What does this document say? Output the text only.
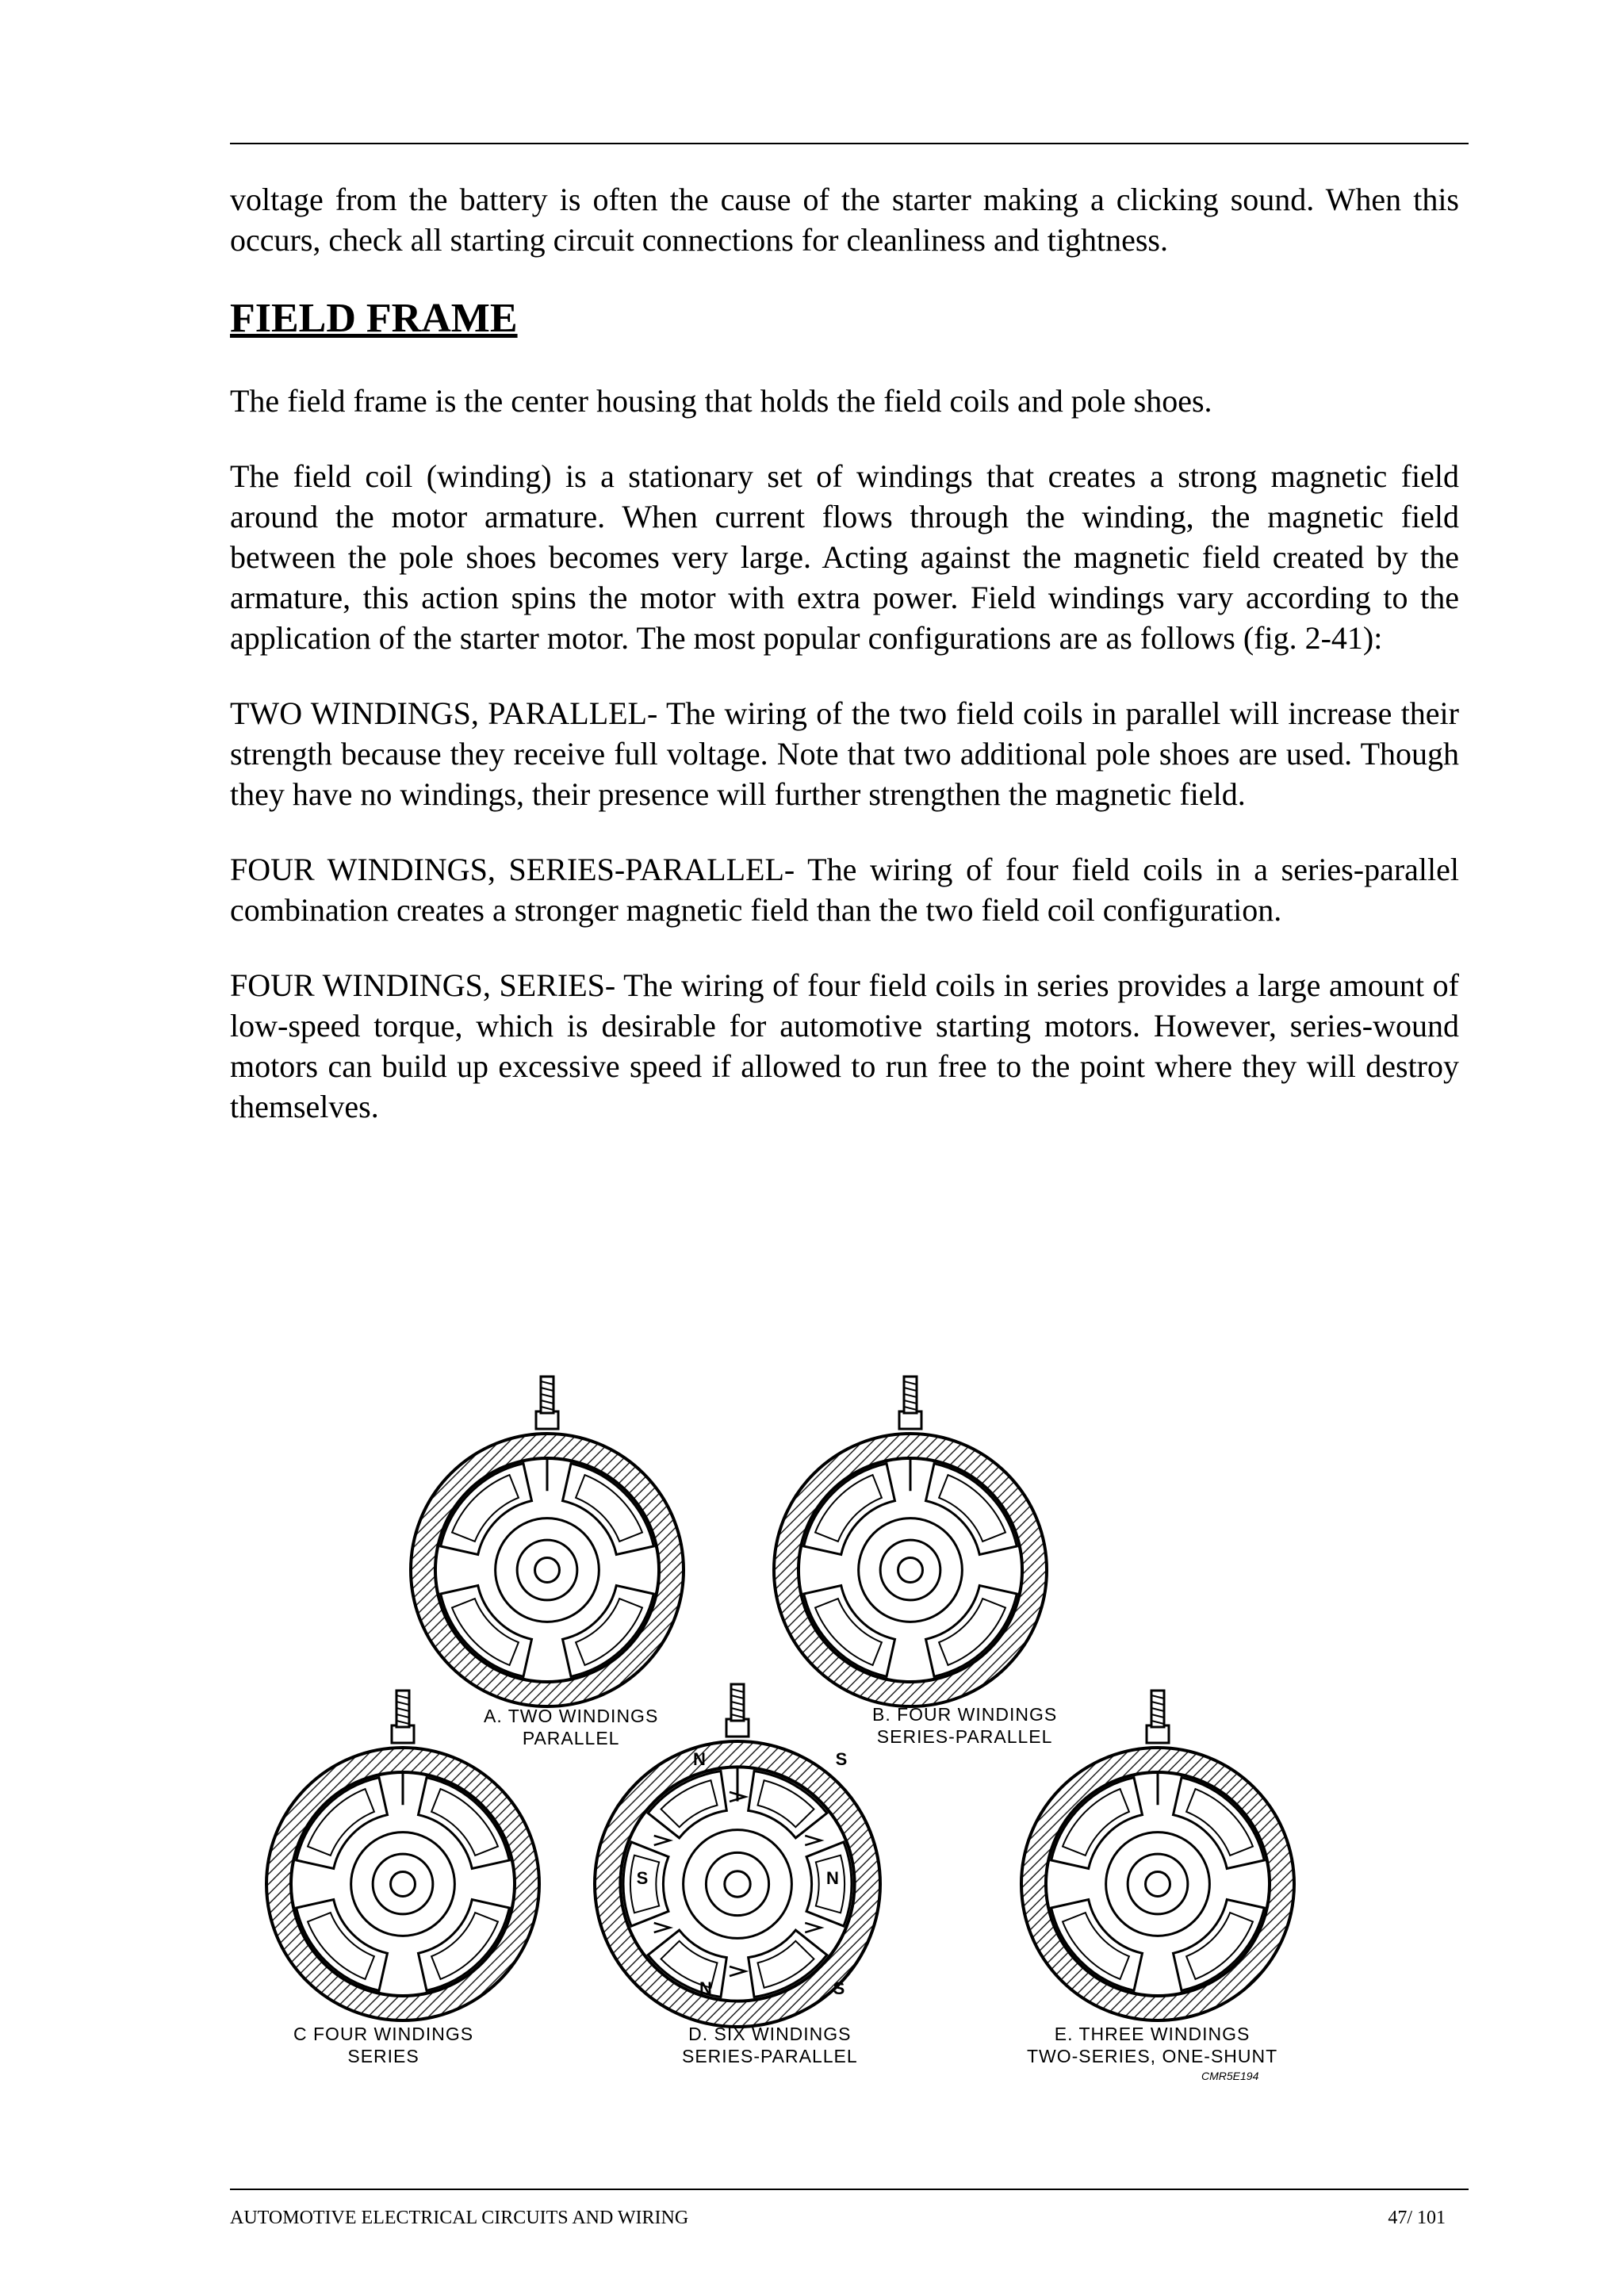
voltage from the battery is often the cause of the starter making a clicking sound. When this occurs, check all starting circuit connections for cleanliness and tightness.

FIELD FRAME

The field frame is the center housing that holds the field coils and pole shoes.

The field coil (winding) is a stationary set of windings that creates a strong magnetic field around the motor armature. When current flows through the winding, the magnetic field between the pole shoes becomes very large. Acting against the magnetic field created by the armature, this action spins the motor with extra power. Field windings vary according to the application of the starter motor. The most popular configurations are as follows (fig. 2-41):

TWO WINDINGS, PARALLEL- The wiring of the two field coils in parallel will increase their strength because they receive full voltage. Note that two additional pole shoes are used. Though they have no windings, their presence will further strengthen the magnetic field.

FOUR WINDINGS, SERIES-PARALLEL- The wiring of four field coils in a series-parallel combination creates a stronger magnetic field than the two field coil configuration.

FOUR WINDINGS, SERIES- The wiring of four field coils in series provides a large amount of low-speed torque, which is desirable for automotive starting motors. However, series-wound motors can build up excessive speed if allowed to run free to the point where they will destroy themselves.

N	S
S	N
N	S
A. TWO WINDINGS
PARALLEL
B. FOUR WINDINGS
SERIES-PARALLEL
C FOUR WINDINGS
SERIES
D. SIX WINDINGS
SERIES-PARALLEL
E. THREE WINDINGS
TWO-SERIES, ONE-SHUNT
CMR5E194
AUTOMOTIVE ELECTRICAL CIRCUITS AND WIRING	47/ 101
